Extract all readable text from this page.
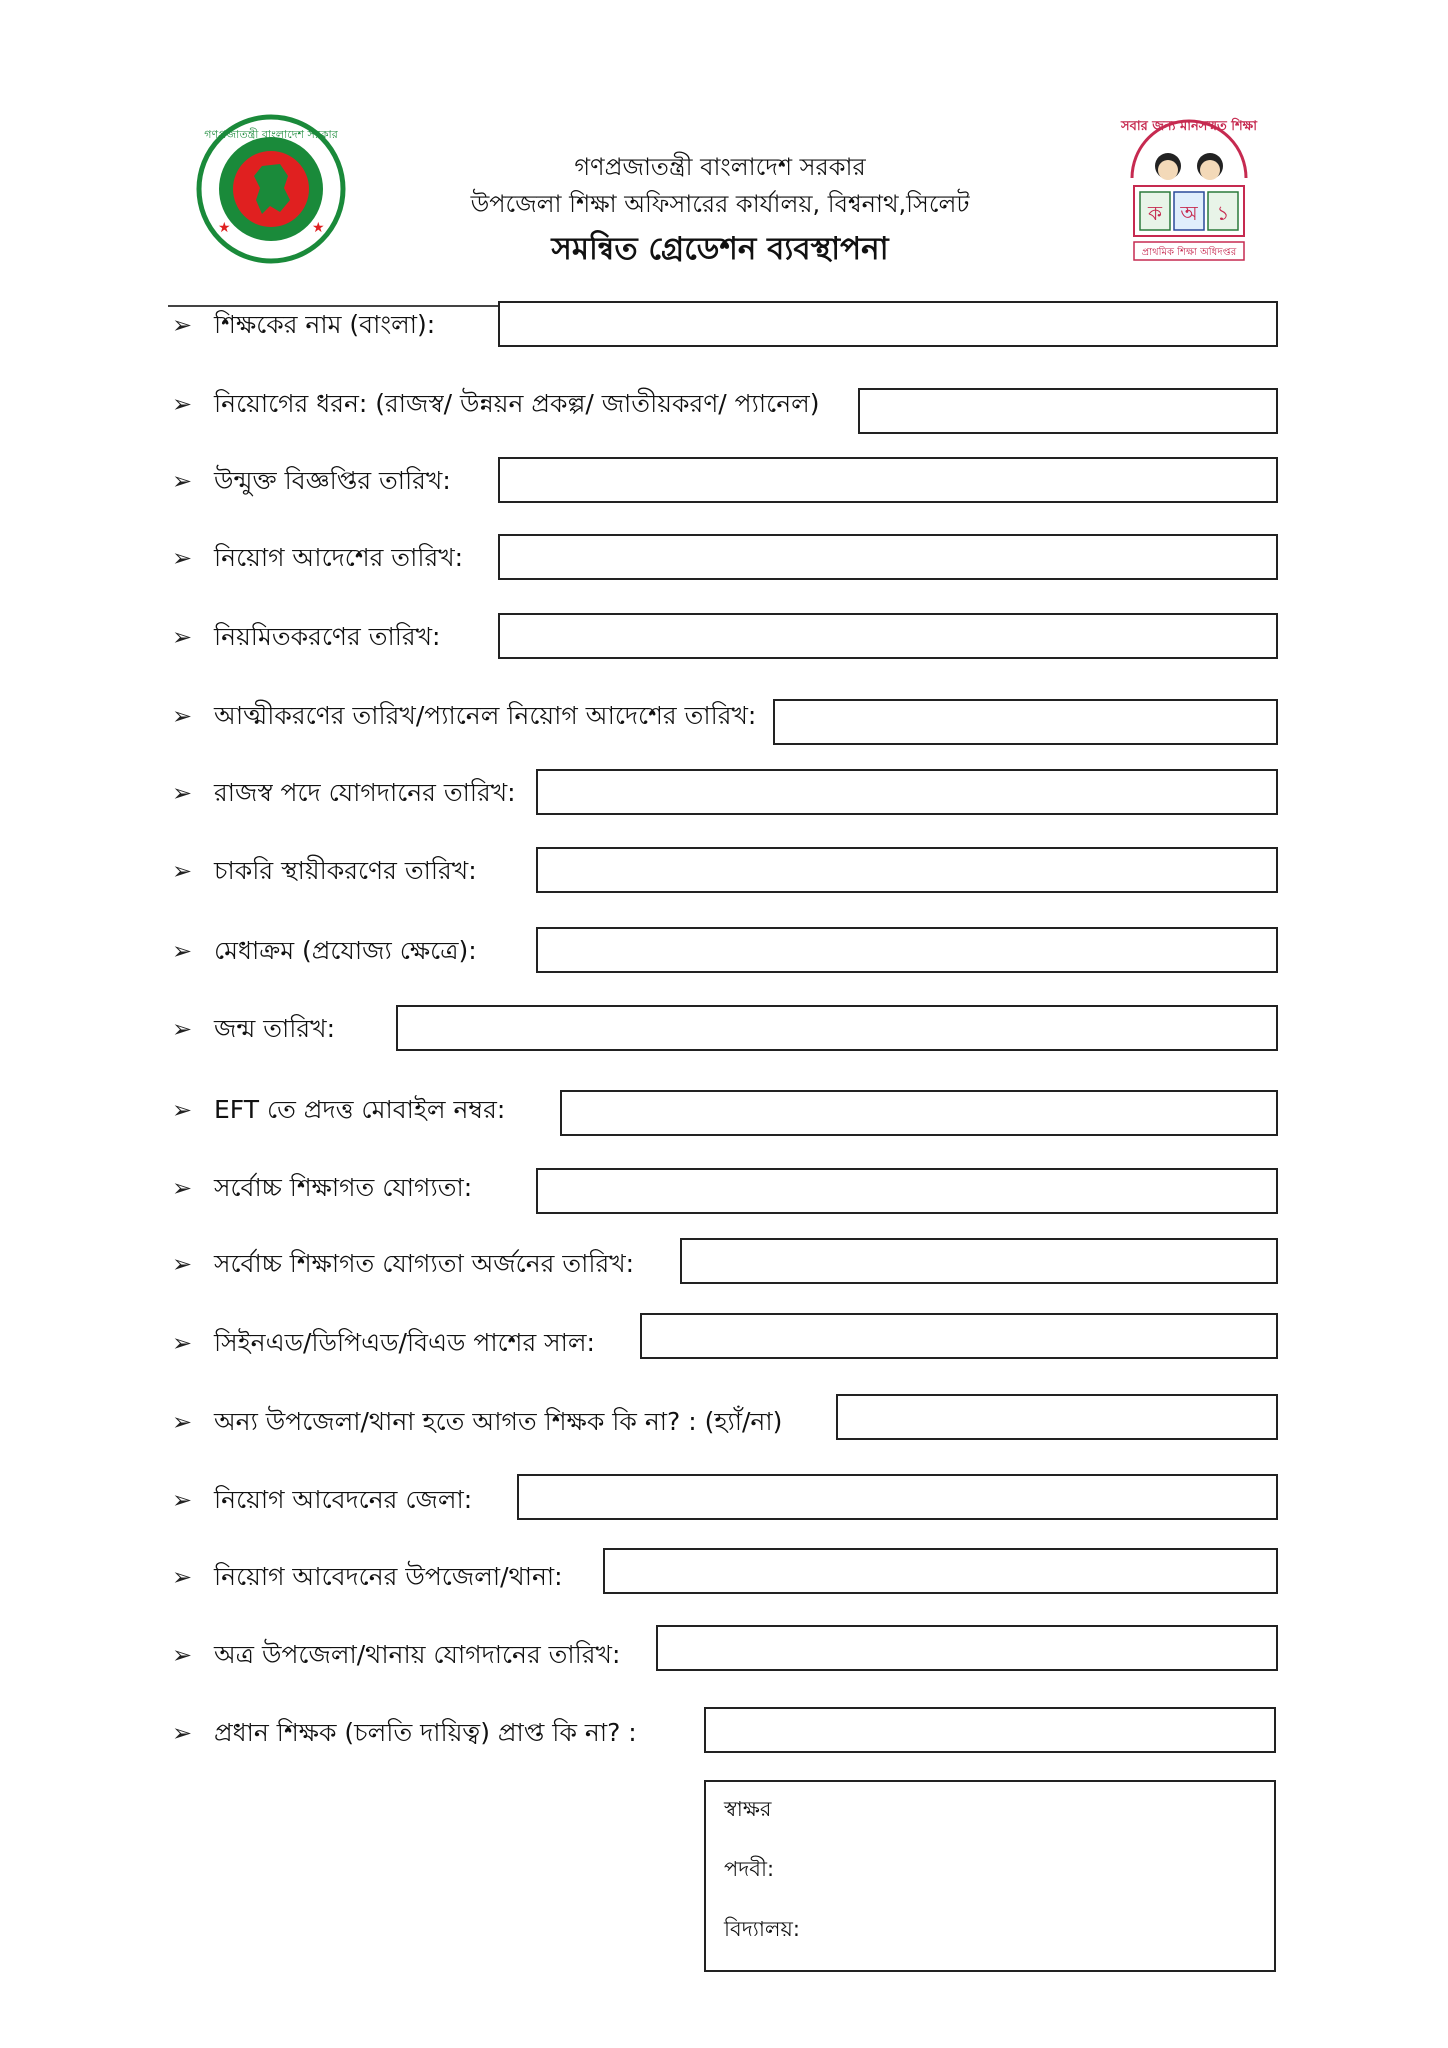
গণপ্রজাতন্ত্রী বাংলাদেশ সরকার
★	★
গণপ্রজাতন্ত্রী বাংলাদেশ সরকার
উপজেলা শিক্ষা অফিসারের কার্যালয়, বিশ্বনাথ,সিলেট
সমন্বিত গ্রেডেশন ব্যবস্থাপনা
সবার জন্য মানসম্মত শিক্ষা
ক অ ১
প্রাথমিক শিক্ষা অধিদপ্তর
➢ শিক্ষকের নাম (বাংলা):
➢ নিয়োগের ধরন: (রাজস্ব/ উন্নয়ন প্রকল্প/ জাতীয়করণ/ প্যানেল)
➢ উন্মুক্ত বিজ্ঞপ্তির তারিখ:
➢ নিয়োগ আদেশের তারিখ:
➢ নিয়মিতকরণের তারিখ:
➢ আত্মীকরণের তারিখ/প্যানেল নিয়োগ আদেশের তারিখ:
➢ রাজস্ব পদে যোগদানের তারিখ:
➢ চাকরি স্থায়ীকরণের তারিখ:
➢ মেধাক্রম (প্রযোজ্য ক্ষেত্রে):
➢ জন্ম তারিখ:
➢ EFT তে প্রদত্ত মোবাইল নম্বর:
➢ সর্বোচ্চ শিক্ষাগত যোগ্যতা:
➢ সর্বোচ্চ শিক্ষাগত যোগ্যতা অর্জনের তারিখ:
➢ সিইনএড/ডিপিএড/বিএড পাশের সাল:
➢ অন্য উপজেলা/থানা হতে আগত শিক্ষক কি না? : (হ্যাঁ/না)
➢ নিয়োগ আবেদনের জেলা:
➢ নিয়োগ আবেদনের উপজেলা/থানা:
➢ অত্র উপজেলা/থানায় যোগদানের তারিখ:
➢ প্রধান শিক্ষক (চলতি দায়িত্ব) প্রাপ্ত কি না? :
স্বাক্ষর
পদবী:
বিদ্যালয়:
